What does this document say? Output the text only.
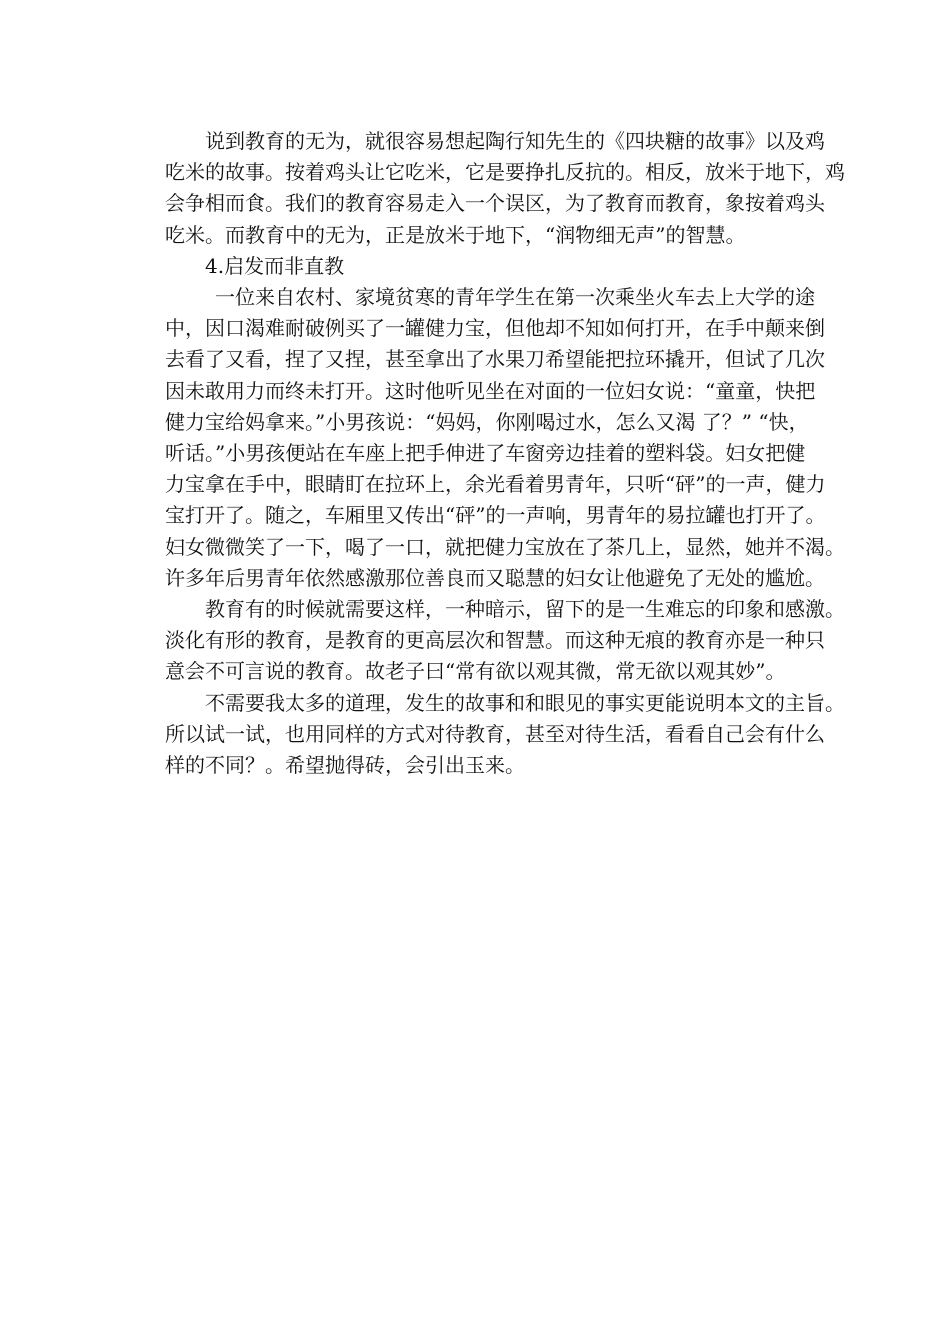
说到教育的无为，就很容易想起陶行知先生的《四块糖的故事》以及鸡
吃米的故事。按着鸡头让它吃米，它是要挣扎反抗的。相反，放米于地下，鸡
会争相而食。我们的教育容易走入一个误区，为了教育而教育，象按着鸡头
吃米。而教育中的无为，正是放米于地下，“润物细无声”的智慧。
4.启发而非直教
一位来自农村、家境贫寒的青年学生在第一次乘坐火车去上大学的途
中，因口渴难耐破例买了一罐健力宝，但他却不知如何打开，在手中颠来倒
去看了又看，捏了又捏，甚至拿出了水果刀希望能把拉环撬开，但试了几次
因未敢用力而终未打开。这时他听见坐在对面的一位妇女说：“童童，快把
健力宝给妈拿来。”小男孩说：“妈妈，你刚喝过水，怎么又渴 了？” “快，
听话。”小男孩便站在车座上把手伸进了车窗旁边挂着的塑料袋。妇女把健
力宝拿在手中，眼睛盯在拉环上，余光看着男青年，只听“砰”的一声，健力
宝打开了。随之，车厢里又传出“砰”的一声响，男青年的易拉罐也打开了。
妇女微微笑了一下，喝了一口，就把健力宝放在了茶几上，显然，她并不渴。
许多年后男青年依然感激那位善良而又聪慧的妇女让他避免了无处的尴尬。
教育有的时候就需要这样，一种暗示，留下的是一生难忘的印象和感激。
淡化有形的教育，是教育的更高层次和智慧。而这种无痕的教育亦是一种只
意会不可言说的教育。故老子曰“常有欲以观其微，常无欲以观其妙”。
不需要我太多的道理，发生的故事和和眼见的事实更能说明本文的主旨。
所以试一试，也用同样的方式对待教育，甚至对待生活，看看自己会有什么
样的不同？。希望抛得砖，会引出玉来。
